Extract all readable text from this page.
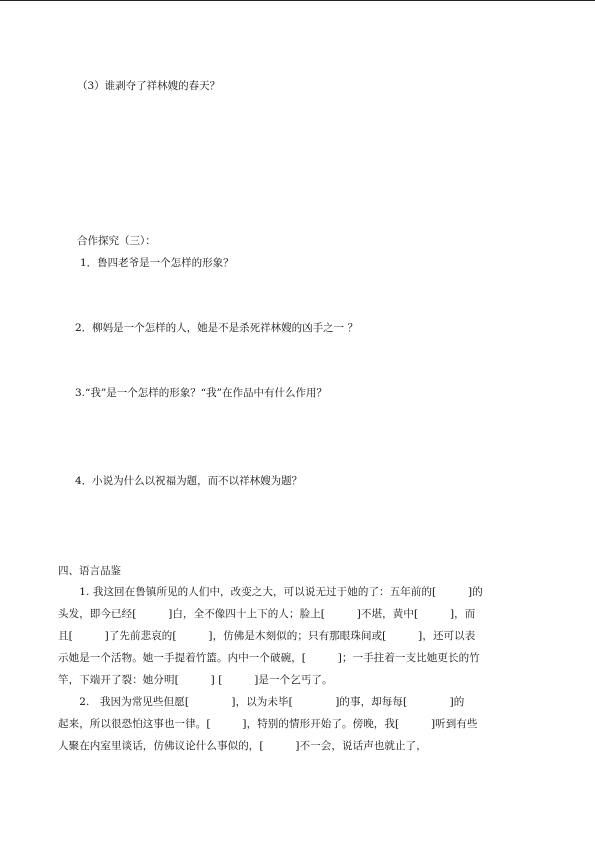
（3）谁剥夺了祥林嫂的春天？
合作探究（三）：
1．鲁四老爷是一个怎样的形象？
2．柳妈是一个怎样的人，她是不是杀死祥林嫂的凶手之一 ？
3.“我”是一个怎样的形象？“我”在作品中有什么作用？
4．小说为什么以祝福为题，而不以祥林嫂为题？
四、语言品鉴
　　1. 我这回在鲁镇所见的人们中，改变之大，可以说无过于她的了：五年前的[　　　]的
头发，即今已经[　　　]白，全不像四十上下的人；脸上[　　　]不堪，黄中[　　　]，而
且[　　　]了先前悲哀的[　　　]，仿佛是木刻似的；只有那眼珠间或[　　　]，还可以表
示她是一个活物。她一手提着竹篮。内中一个破碗，[　　　]；一手拄着一支比她更长的竹
竿，下端开了裂：她分明[　　　] [　　　]是一个乞丐了。
　　2.　我因为常见些但愿[　　　　]，以为未毕[　　　　]的事，却每每[　　　　]的
起来，所以很恐怕这事也一律。[　　　]，特别的情形开始了。傍晚，我[　　　]听到有些
人聚在内室里谈话，仿佛议论什么事似的，[　　　]不一会，说话声也就止了，
